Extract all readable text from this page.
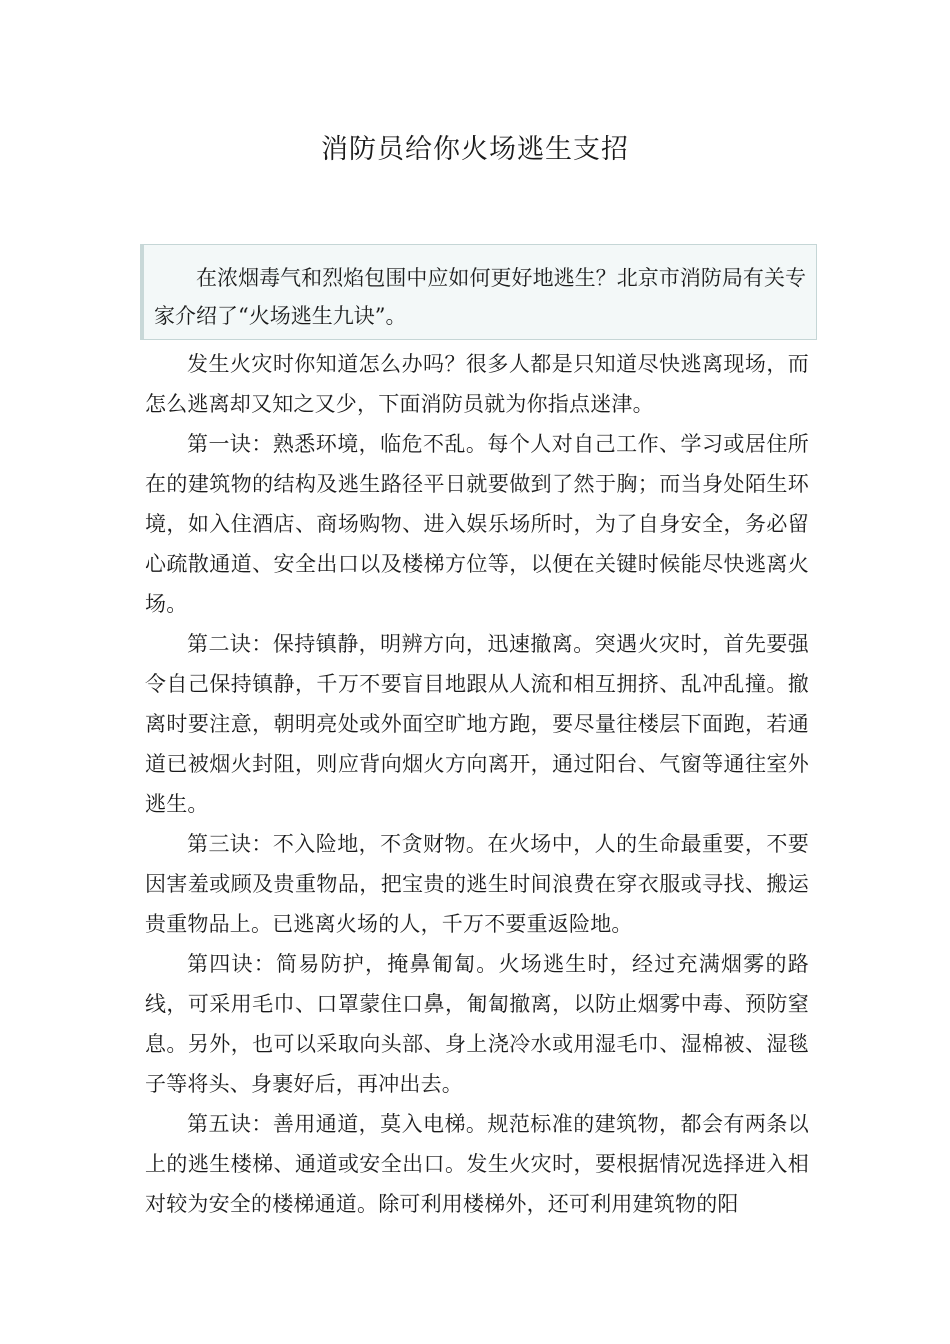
消防员给你火场逃生支招

在浓烟毒气和烈焰包围中应如何更好地逃生？北京市消防局有关专家介绍了“火场逃生九诀”。

发生火灾时你知道怎么办吗？很多人都是只知道尽快逃离现场，而怎么逃离却又知之又少，下面消防员就为你指点迷津。

第一诀：熟悉环境，临危不乱。每个人对自己工作、学习或居住所在的建筑物的结构及逃生路径平日就要做到了然于胸；而当身处陌生环境，如入住酒店、商场购物、进入娱乐场所时，为了自身安全，务必留心疏散通道、安全出口以及楼梯方位等，以便在关键时候能尽快逃离火场。

第二诀：保持镇静，明辨方向，迅速撤离。突遇火灾时，首先要强令自己保持镇静，千万不要盲目地跟从人流和相互拥挤、乱冲乱撞。撤离时要注意，朝明亮处或外面空旷地方跑，要尽量往楼层下面跑，若通道已被烟火封阻，则应背向烟火方向离开，通过阳台、气窗等通往室外逃生。

第三诀：不入险地，不贪财物。在火场中，人的生命最重要，不要因害羞或顾及贵重物品，把宝贵的逃生时间浪费在穿衣服或寻找、搬运贵重物品上。已逃离火场的人，千万不要重返险地。

第四诀：简易防护，掩鼻匍匐。火场逃生时，经过充满烟雾的路线，可采用毛巾、口罩蒙住口鼻，匍匐撤离，以防止烟雾中毒、预防窒息。另外，也可以采取向头部、身上浇冷水或用湿毛巾、湿棉被、湿毯子等将头、身裹好后，再冲出去。

第五诀：善用通道，莫入电梯。规范标准的建筑物，都会有两条以上的逃生楼梯、通道或安全出口。发生火灾时，要根据情况选择进入相对较为安全的楼梯通道。除可利用楼梯外，还可利用建筑物的阳
